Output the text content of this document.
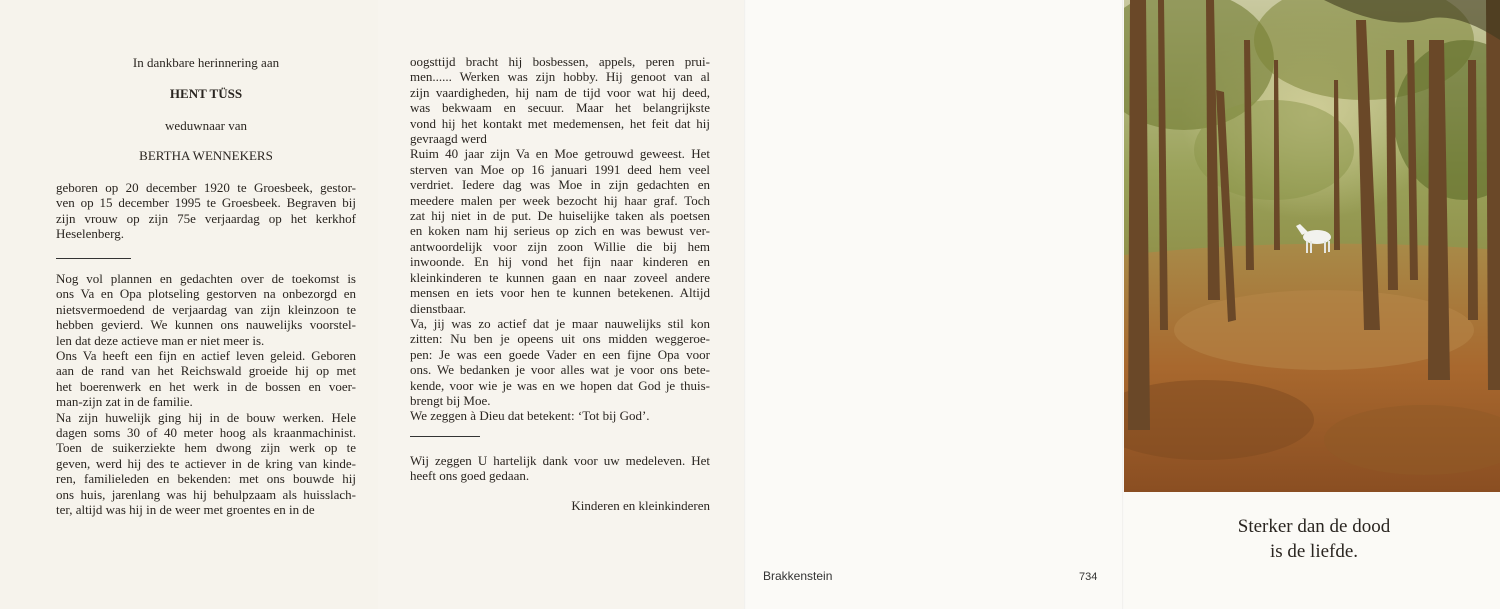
In dankbare herinnering aan
HENT TÜSS
weduwnaar van
BERTHA WENNEKERS
geboren op 20 december 1920 te Groesbeek, gestor-
ven op 15 december 1995 te Groesbeek. Begraven bij
zijn vrouw op zijn 75e verjaardag op het kerkhof
Heselenberg.
Nog vol plannen en gedachten over de toekomst is
ons Va en Opa plotseling gestorven na onbezorgd en
nietsvermoedend de verjaardag van zijn kleinzoon te
hebben gevierd. We kunnen ons nauwelijks voorstel-
len dat deze actieve man er niet meer is.
Ons Va heeft een fijn en actief leven geleid. Geboren
aan de rand van het Reichswald groeide hij op met
het boerenwerk en het werk in de bossen en voer-
man-zijn zat in de familie.
Na zijn huwelijk ging hij in de bouw werken. Hele
dagen soms 30 of 40 meter hoog als kraanmachinist.
Toen de suikerziekte hem dwong zijn werk op te
geven, werd hij des te actiever in de kring van kinde-
ren, familieleden en bekenden: met ons bouwde hij
ons huis, jarenlang was hij behulpzaam als huisslach-
ter, altijd was hij in de weer met groentes en in de
oogsttijd bracht hij bosbessen, appels, peren prui-
men...... Werken was zijn hobby. Hij genoot van al
zijn vaardigheden, hij nam de tijd voor wat hij deed,
was bekwaam en secuur. Maar het belangrijkste
vond hij het kontakt met medemensen, het feit dat hij
gevraagd werd
Ruim 40 jaar zijn Va en Moe getrouwd geweest. Het
sterven van Moe op 16 januari 1991 deed hem veel
verdriet. Iedere dag was Moe in zijn gedachten en
meedere malen per week bezocht hij haar graf. Toch
zat hij niet in de put. De huiselijke taken als poetsen
en koken nam hij serieus op zich en was bewust ver-
antwoordelijk voor zijn zoon Willie die bij hem
inwoonde. En hij vond het fijn naar kinderen en
kleinkinderen te kunnen gaan en naar zoveel andere
mensen en iets voor hen te kunnen betekenen. Altijd
dienstbaar.
Va, jij was zo actief dat je maar nauwelijks stil kon
zitten: Nu ben je opeens uit ons midden weggeroe-
pen: Je was een goede Vader en een fijne Opa voor
ons. We bedanken je voor alles wat je voor ons bete-
kende, voor wie je was en we hopen dat God je thuis-
brengt bij Moe.
We zeggen à Dieu dat betekent: ‘Tot bij God’.
Wij zeggen U hartelijk dank voor uw medeleven. Het
heeft ons goed gedaan.
Kinderen en kleinkinderen
Sterker dan de dood
is de liefde.
Brakkenstein	734
